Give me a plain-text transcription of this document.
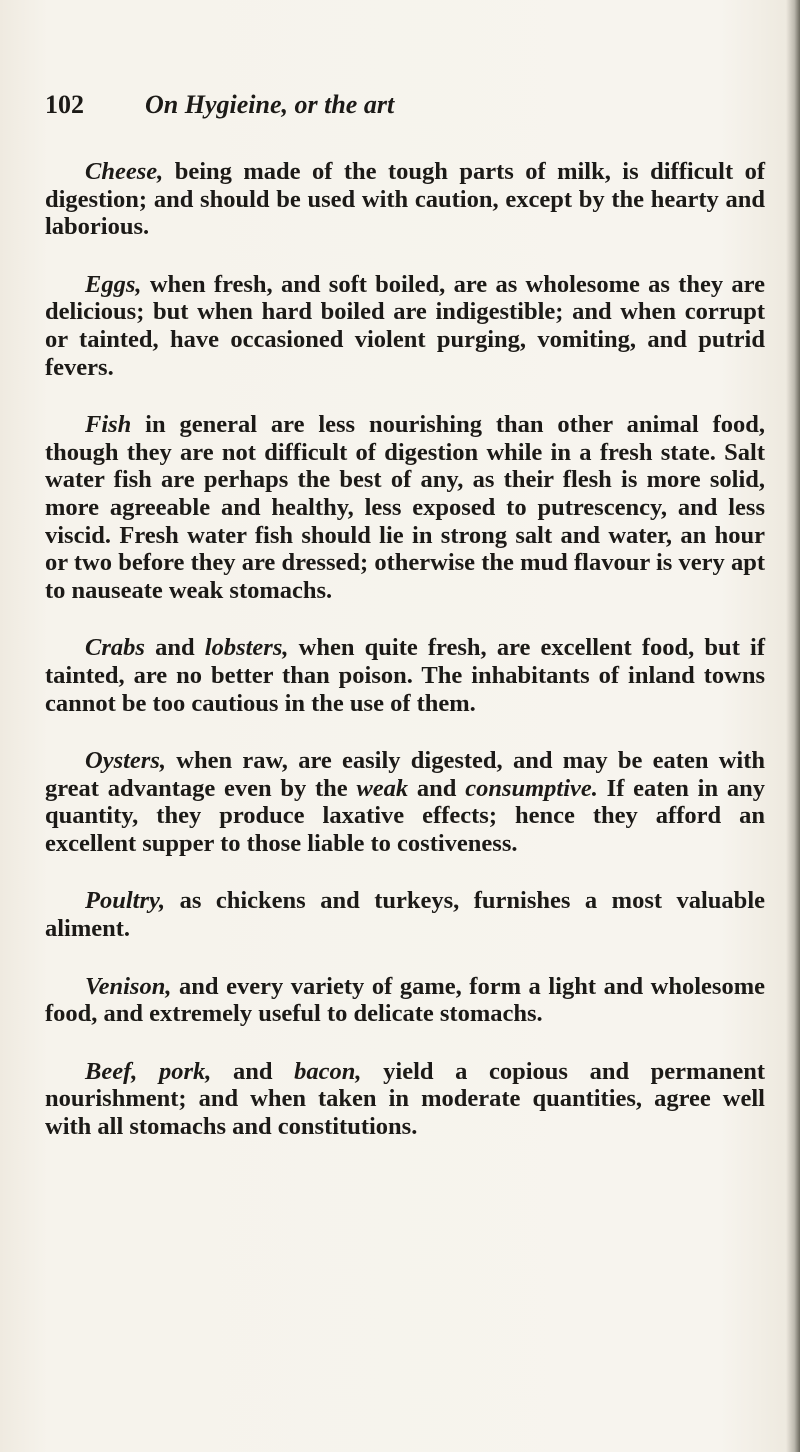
102 On Hygieine, or the art

Cheese, being made of the tough parts of milk, is difficult of digestion; and should be used with caution, except by the hearty and laborious.

Eggs, when fresh, and soft boiled, are as wholesome as they are delicious; but when hard boiled are indigestible; and when corrupt or tainted, have occasioned violent purging, vomiting, and putrid fevers.

Fish in general are less nourishing than other animal food, though they are not difficult of digestion while in a fresh state. Salt water fish are perhaps the best of any, as their flesh is more solid, more agreeable and healthy, less exposed to putrescency, and less viscid. Fresh water fish should lie in strong salt and water, an hour or two before they are dressed; otherwise the mud flavour is very apt to nauseate weak stomachs.

Crabs and lobsters, when quite fresh, are excellent food, but if tainted, are no better than poison. The inhabitants of inland towns cannot be too cautious in the use of them.

Oysters, when raw, are easily digested, and may be eaten with great advantage even by the weak and consumptive. If eaten in any quantity, they produce laxative effects; hence they afford an excellent supper to those liable to costiveness.

Poultry, as chickens and turkeys, furnishes a most valuable aliment.

Venison, and every variety of game, form a light and wholesome food, and extremely useful to delicate stomachs.

Beef, pork, and bacon, yield a copious and permanent nourishment; and when taken in moderate quantities, agree well with all stomachs and constitutions.
